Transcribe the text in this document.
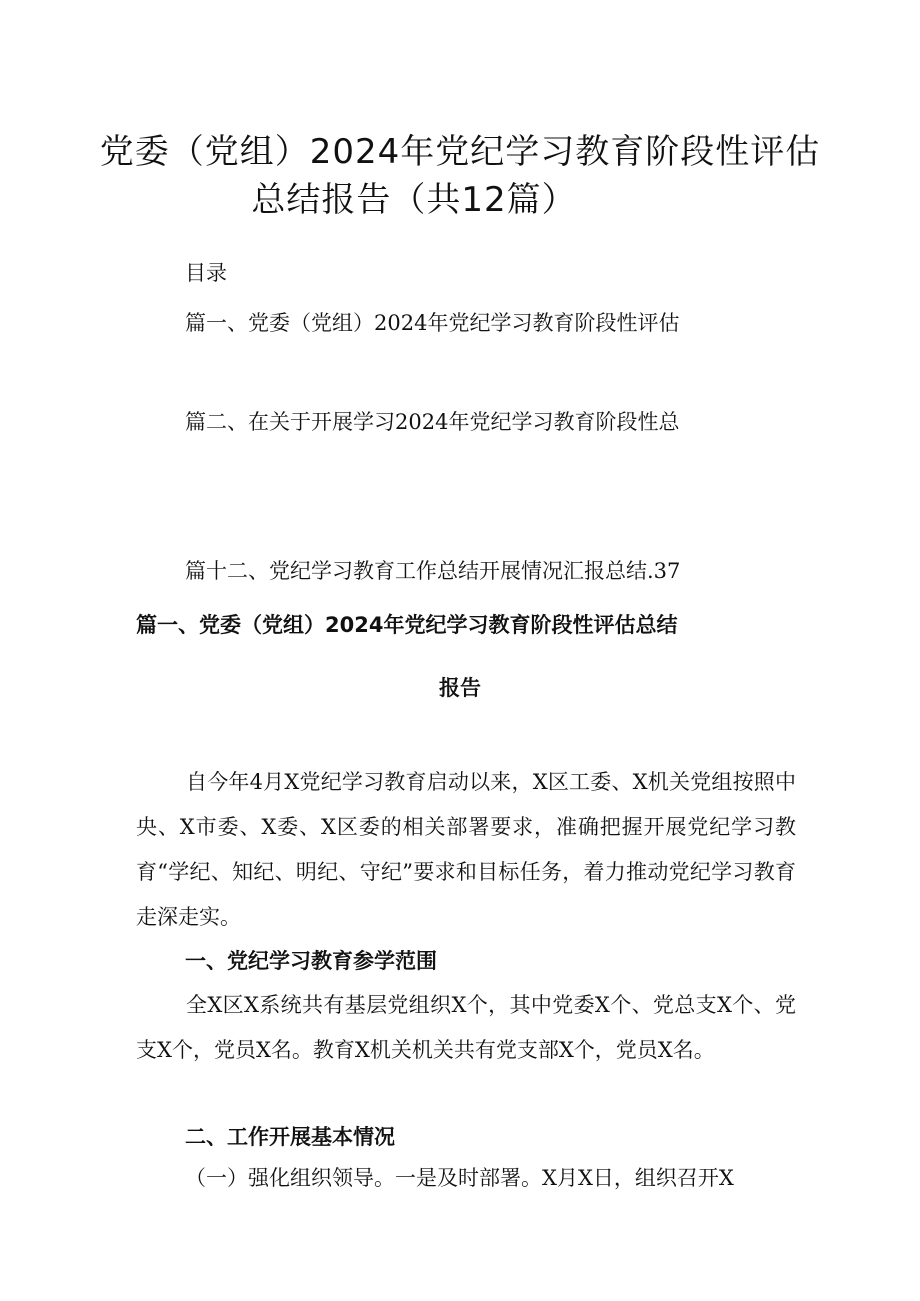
党委（党组）2024年党纪学习教育阶段性评估
总结报告（共12篇）
目录
篇一、党委（党组）2024年党纪学习教育阶段性评估
篇二、在关于开展学习2024年党纪学习教育阶段性总
篇十二、党纪学习教育工作总结开展情况汇报总结.37
篇一、党委（党组）2024年党纪学习教育阶段性评估总结
报告
自今年4月X党纪学习教育启动以来，X区工委、X机关党组按照中央、X市委、X委、X区委的相关部署要求，准确把握开展党纪学习教育“学纪、知纪、明纪、守纪”要求和目标任务，着力推动党纪学习教育走深走实。
一、党纪学习教育参学范围
全X区X系统共有基层党组织X个，其中党委X个、党总支X个、党支X个，党员X名。教育X机关机关共有党支部X个，党员X名。
二、工作开展基本情况
（一）强化组织领导。一是及时部署。X月X日，组织召开X
